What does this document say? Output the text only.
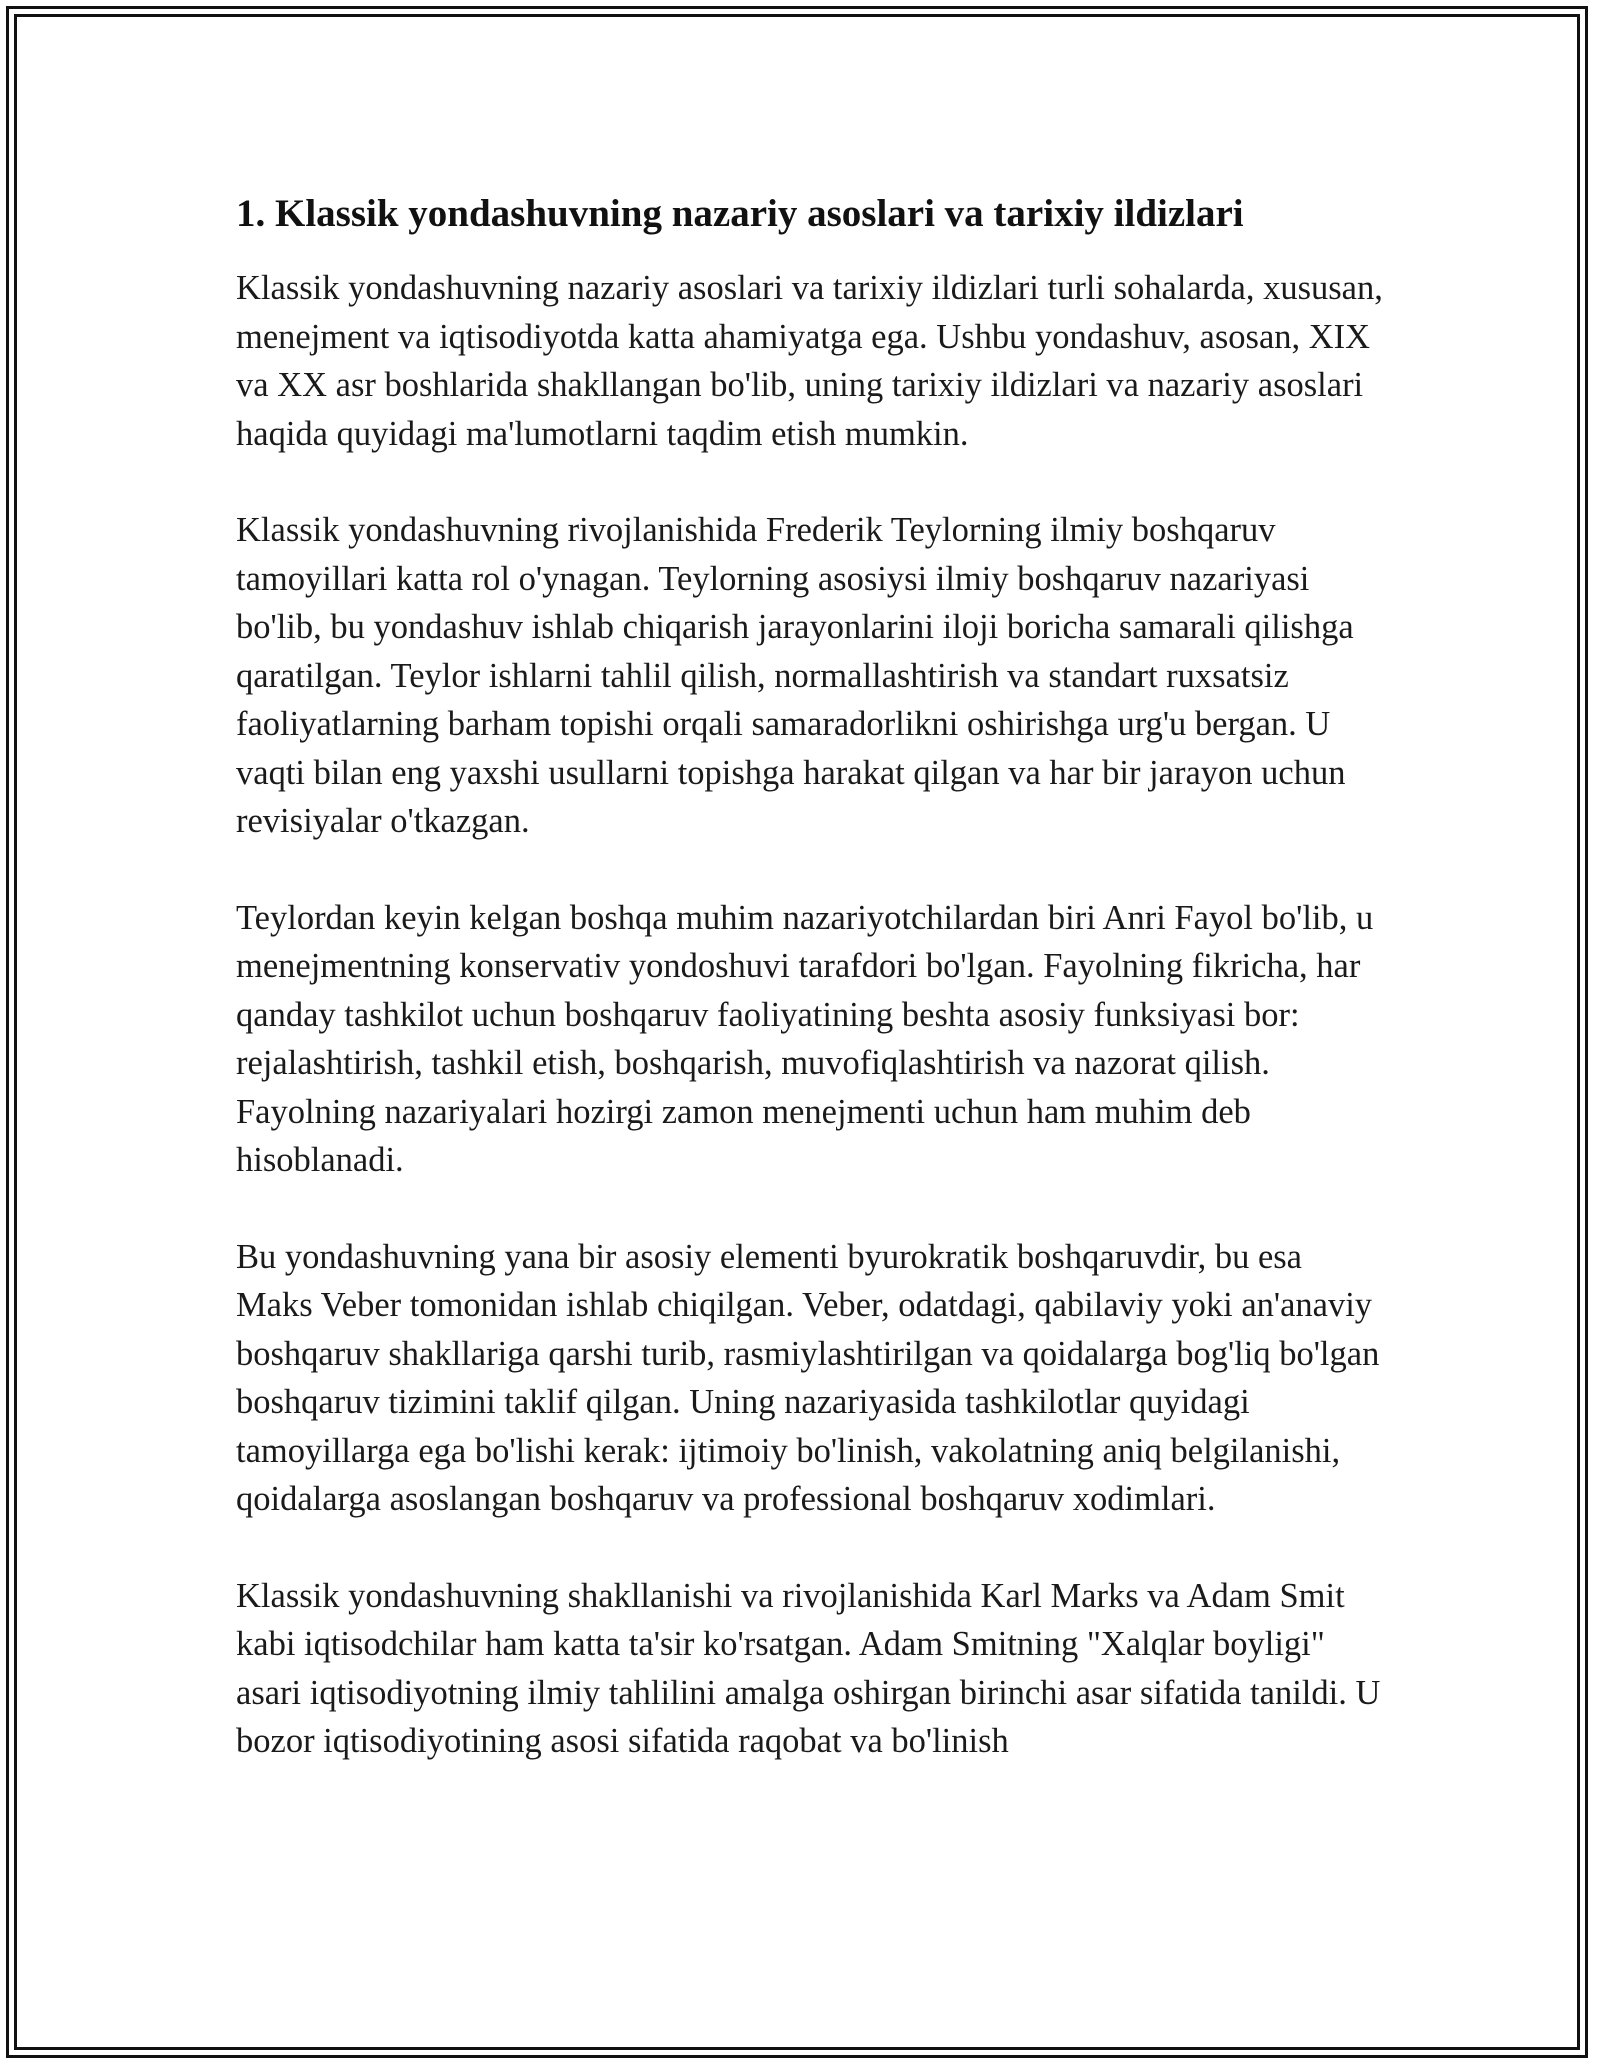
1. Klassik yondashuvning nazariy asoslari va tarixiy ildizlari

Klassik yondashuvning nazariy asoslari va tarixiy ildizlari turli sohalarda, xususan, menejment va iqtisodiyotda katta ahamiyatga ega. Ushbu yondashuv, asosan, XIX va XX asr boshlarida shakllangan bo'lib, uning tarixiy ildizlari va nazariy asoslari haqida quyidagi ma'lumotlarni taqdim etish mumkin.

Klassik yondashuvning rivojlanishida Frederik Teylorning ilmiy boshqaruv tamoyillari katta rol o'ynagan. Teylorning asosiysi ilmiy boshqaruv nazariyasi bo'lib, bu yondashuv ishlab chiqarish jarayonlarini iloji boricha samarali qilishga qaratilgan. Teylor ishlarni tahlil qilish, normallashtirish va standart ruxsatsiz faoliyatlarning barham topishi orqali samaradorlikni oshirishga urg'u bergan. U vaqti bilan eng yaxshi usullarni topishga harakat qilgan va har bir jarayon uchun revisiyalar o'tkazgan.

Teylordan keyin kelgan boshqa muhim nazariyotchilardan biri Anri Fayol bo'lib, u menejmentning konservativ yondoshuvi tarafdori bo'lgan. Fayolning fikricha, har qanday tashkilot uchun boshqaruv faoliyatining beshta asosiy funksiyasi bor: rejalashtirish, tashkil etish, boshqarish, muvofiqlashtirish va nazorat qilish. Fayolning nazariyalari hozirgi zamon menejmenti uchun ham muhim deb hisoblanadi.

Bu yondashuvning yana bir asosiy elementi byurokratik boshqaruvdir, bu esa Maks Veber tomonidan ishlab chiqilgan. Veber, odatdagi, qabilaviy yoki an'anaviy boshqaruv shakllariga qarshi turib, rasmiylashtirilgan va qoidalarga bog'liq bo'lgan boshqaruv tizimini taklif qilgan. Uning nazariyasida tashkilotlar quyidagi tamoyillarga ega bo'lishi kerak: ijtimoiy bo'linish, vakolatning aniq belgilanishi, qoidalarga asoslangan boshqaruv va professional boshqaruv xodimlari.

Klassik yondashuvning shakllanishi va rivojlanishida Karl Marks va Adam Smit kabi iqtisodchilar ham katta ta'sir ko'rsatgan. Adam Smitning "Xalqlar boyligi" asari iqtisodiyotning ilmiy tahlilini amalga oshirgan birinchi asar sifatida tanildi. U bozor iqtisodiyotining asosi sifatida raqobat va bo'linish
